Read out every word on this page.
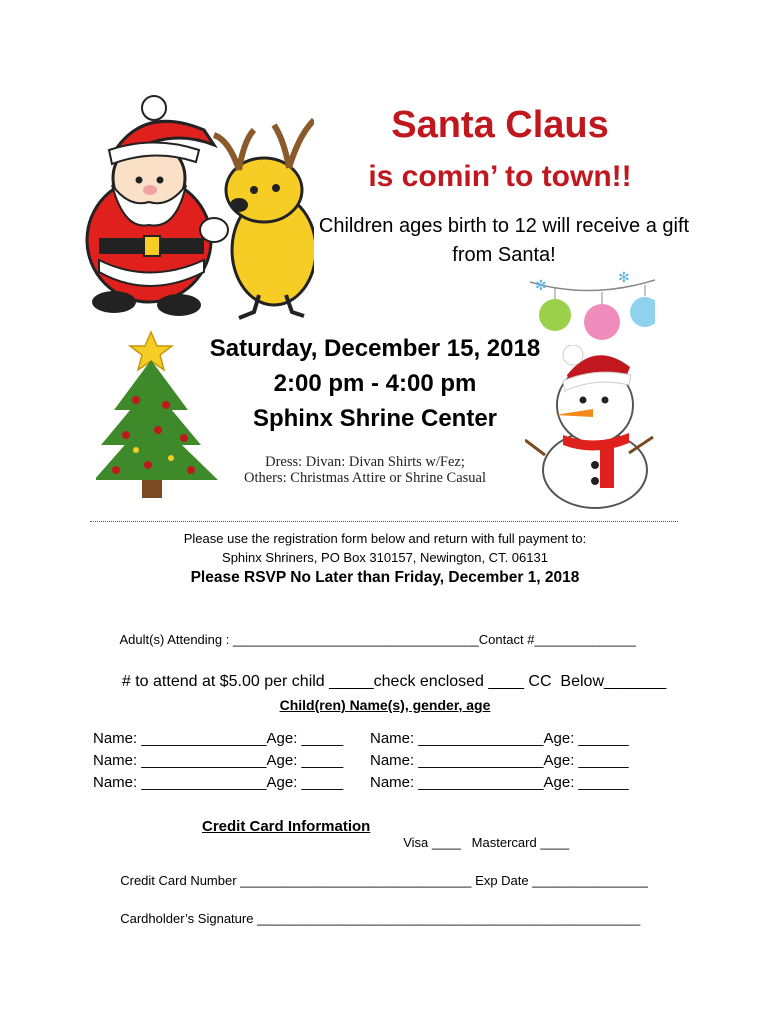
✻	✻
Santa Claus
is comin’ to town!!
Children ages birth to 12 will receive a gift from Santa!
Saturday, December 15, 2018
2:00 pm - 4:00 pm
Sphinx Shrine Center
Dress: Divan: Divan Shirts w/Fez;
Others: Christmas Attire or Shrine Casual
Please use the registration form below and return with full payment to:
Sphinx Shriners, PO Box 310157, Newington, CT. 06131
Please RSVP No Later than Friday, December 1, 2018

Adult(s) Attending : __________________________________Contact #______________

# to attend at $5.00 per child _____check enclosed ____ CC  Below_______

Child(ren) Name(s), gender, age
Name: _______________Age: _____
Name: _______________Age: _____
Name: _______________Age: _____
Name: _______________Age: ______
Name: _______________Age: ______
Name: _______________Age: ______
Credit Card Information

Visa ____ Mastercard ____

Credit Card Number ________________________________ Exp Date ________________

Cardholder’s Signature _____________________________________________________
